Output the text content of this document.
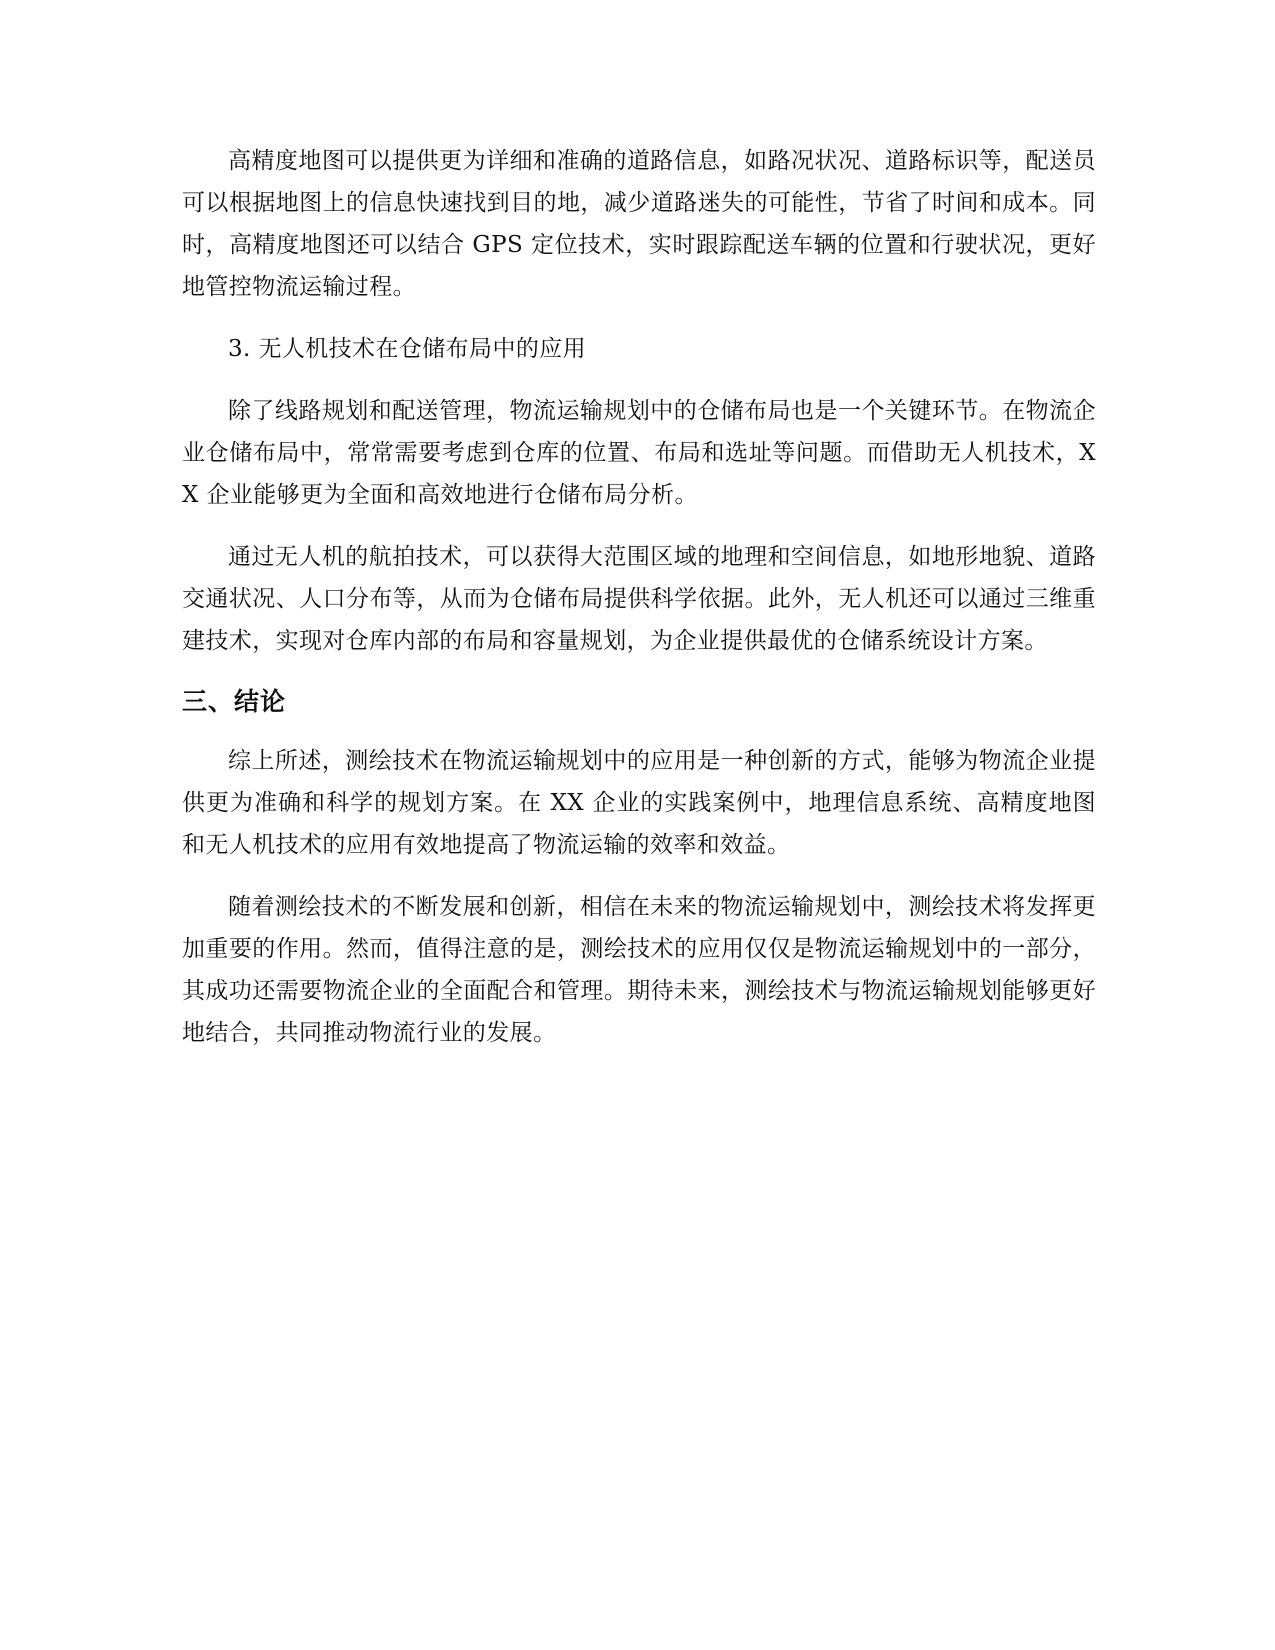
高精度地图可以提供更为详细和准确的道路信息，如路况状况、道路标识等，配送员可以根据地图上的信息快速找到目的地，减少道路迷失的可能性，节省了时间和成本。同时，高精度地图还可以结合 GPS 定位技术，实时跟踪配送车辆的位置和行驶状况，更好地管控物流运输过程。

3. 无人机技术在仓储布局中的应用

除了线路规划和配送管理，物流运输规划中的仓储布局也是一个关键环节。在物流企业仓储布局中，常常需要考虑到仓库的位置、布局和选址等问题。而借助无人机技术，XX 企业能够更为全面和高效地进行仓储布局分析。

通过无人机的航拍技术，可以获得大范围区域的地理和空间信息，如地形地貌、道路交通状况、人口分布等，从而为仓储布局提供科学依据。此外，无人机还可以通过三维重建技术，实现对仓库内部的布局和容量规划，为企业提供最优的仓储系统设计方案。

三、结论

综上所述，测绘技术在物流运输规划中的应用是一种创新的方式，能够为物流企业提供更为准确和科学的规划方案。在 XX 企业的实践案例中，地理信息系统、高精度地图和无人机技术的应用有效地提高了物流运输的效率和效益。

随着测绘技术的不断发展和创新，相信在未来的物流运输规划中，测绘技术将发挥更加重要的作用。然而，值得注意的是，测绘技术的应用仅仅是物流运输规划中的一部分，其成功还需要物流企业的全面配合和管理。期待未来，测绘技术与物流运输规划能够更好地结合，共同推动物流行业的发展。
